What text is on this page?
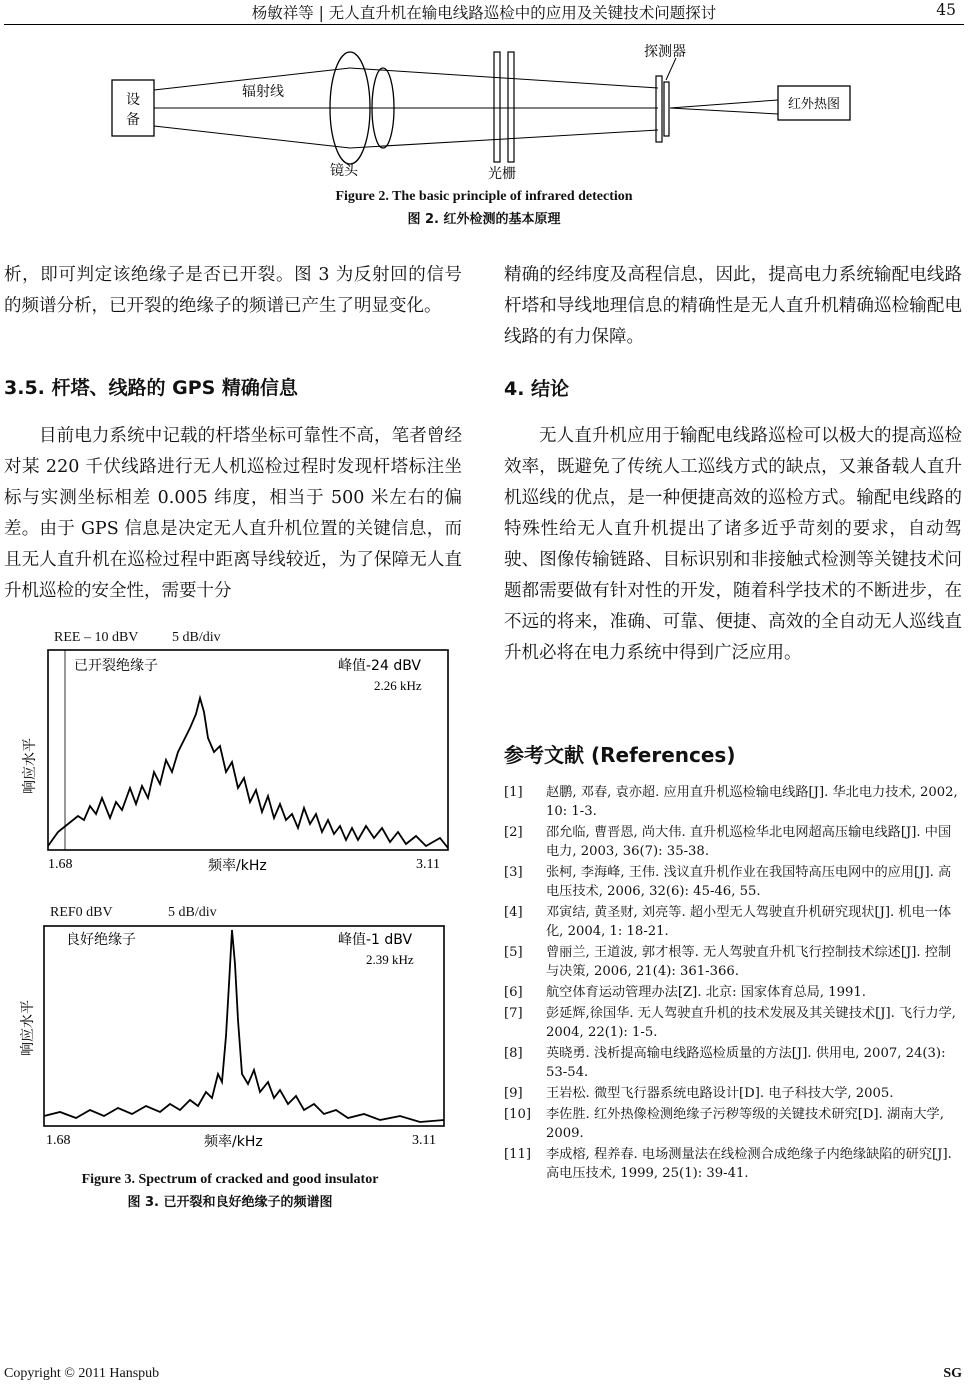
杨敏祥等 | 无人直升机在输电线路巡检中的应用及关键技术问题探讨	45
设
备
辐射线
镜头	光栅
探测器
红外热图
Figure 2. The basic principle of infrared detection
图 2. 红外检测的基本原理

析，即可判定该绝缘子是否已开裂。图 3 为反射回的信号的频谱分析，已开裂的绝缘子的频谱已产生了明显变化。

3.5. 杆塔、线路的 GPS 精确信息

目前电力系统中记载的杆塔坐标可靠性不高，笔者曾经对某 220 千伏线路进行无人机巡检过程时发现杆塔标注坐标与实测坐标相差 0.005 纬度，相当于 500 米左右的偏差。由于 GPS 信息是决定无人直升机位置的关键信息，而且无人直升机在巡检过程中距离导线较近，为了保障无人直升机巡检的安全性，需要十分

REE – 10 dBV 5 dB/div
已开裂绝缘子	峰值-24 dBV
2.26 kHz
响应水平
1.68	频率/kHz	3.11
REF0 dBV	5 dB/div
良好绝缘子	峰值-1 dBV
2.39 kHz
响应水平
1.68	频率/kHz	3.11
Figure 3. Spectrum of cracked and good insulator
图 3. 已开裂和良好绝缘子的频谱图

精确的经纬度及高程信息，因此，提高电力系统输配电线路杆塔和导线地理信息的精确性是无人直升机精确巡检输配电线路的有力保障。

4. 结论

无人直升机应用于输配电线路巡检可以极大的提高巡检效率，既避免了传统人工巡线方式的缺点，又兼备载人直升机巡线的优点，是一种便捷高效的巡检方式。输配电线路的特殊性给无人直升机提出了诸多近乎苛刻的要求，自动驾驶、图像传输链路、目标识别和非接触式检测等关键技术问题都需要做有针对性的开发，随着科学技术的不断进步，在不远的将来，准确、可靠、便捷、高效的全自动无人巡线直升机必将在电力系统中得到广泛应用。

参考文献 (References)
[1]	赵鹏, 邓春, 袁亦超. 应用直升机巡检输电线路[J]. 华北电力技术, 2002, 10: 1-3.
[2]	邵允临, 曹晋恩, 尚大伟. 直升机巡检华北电网超高压输电线路[J]. 中国电力, 2003, 36(7): 35-38.
[3]	张柯, 李海峰, 王伟. 浅议直升机作业在我国特高压电网中的应用[J]. 高电压技术, 2006, 32(6): 45-46, 55.
[4]	邓寅结, 黄圣财, 刘亮等. 超小型无人驾驶直升机研究现状[J]. 机电一体化, 2004, 1: 18-21.
[5]	曾丽兰, 王道波, 郭才根等. 无人驾驶直升机飞行控制技术综述[J]. 控制与决策, 2006, 21(4): 361-366.
[6]	航空体育运动管理办法[Z]. 北京: 国家体育总局, 1991.
[7]	彭延辉,徐国华. 无人驾驶直升机的技术发展及其关键技术[J]. 飞行力学, 2004, 22(1): 1-5.
[8]	英晓勇. 浅析提高输电线路巡检质量的方法[J]. 供用电, 2007, 24(3): 53-54.
[9]	王岩松. 微型飞行器系统电路设计[D]. 电子科技大学, 2005.
[10]	李佐胜. 红外热像检测绝缘子污秽等级的关键技术研究[D]. 湖南大学, 2009.
[11]	李成榕, 程养春. 电场测量法在线检测合成绝缘子内绝缘缺陷的研究[J]. 高电压技术, 1999, 25(1): 39-41.
Copyright © 2011 Hanspub	SG
